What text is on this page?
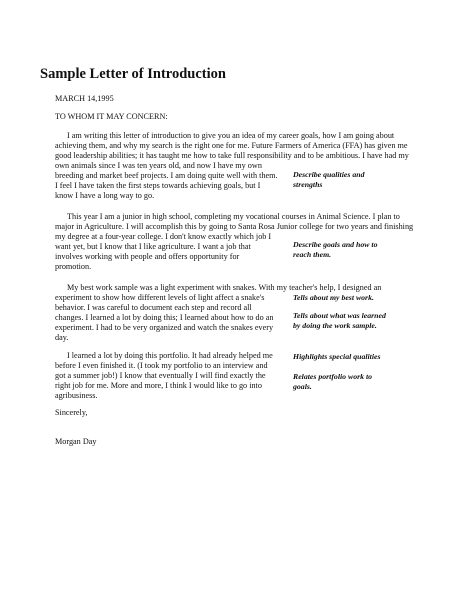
Sample Letter of Introduction
MARCH 14,1995
TO WHOM IT MAY CONCERN:
I am writing this letter of introduction to give you an idea of my career goals, how I am going about
achieving them, and why my search is the right one for me. Future Farmers of America (FFA) has given me
good leadership abilities; it has taught me how to take full responsibility and to be ambitious. I have had my
own animals since I was ten years old, and now I have my own
breeding and market beef projects. I am doing quite well with them.
I feel I have taken the first steps towards achieving goals, but I
know I have a long way to go.
This year I am a junior in high school, completing my vocational courses in Animal Science. I plan to
major in Agriculture. I will accomplish this by going to Santa Rosa Junior college for two years and finishing
my degree at a four-year college. I don't know exactly which job I
want yet, but I know that I like agriculture. I want a job that
involves working with people and offers opportunity for
promotion.
My best work sample was a light experiment with snakes. With my teacher's help, I designed an
experiment to show how different levels of light affect a snake's
behavior. I was careful to document each step and record all
changes. I learned a lot by doing this; I learned about how to do an
experiment. I had to be very organized and watch the snakes every
day.
I learned a lot by doing this portfolio. It had already helped me
before I even finished it. (I took my portfolio to an interview and
got a summer job!) I know that eventually I will find exactly the
right job for me. More and more, I think I would like to go into
agribusiness.
Sincerely,
Morgan Day
Describe qualities and
strengths
Describe goals and how to
reach them.
Tells about my best work.
Tells about what was learned
by doing the work sample.
Highlights special qualities
Relates portfolio work to
goals.
